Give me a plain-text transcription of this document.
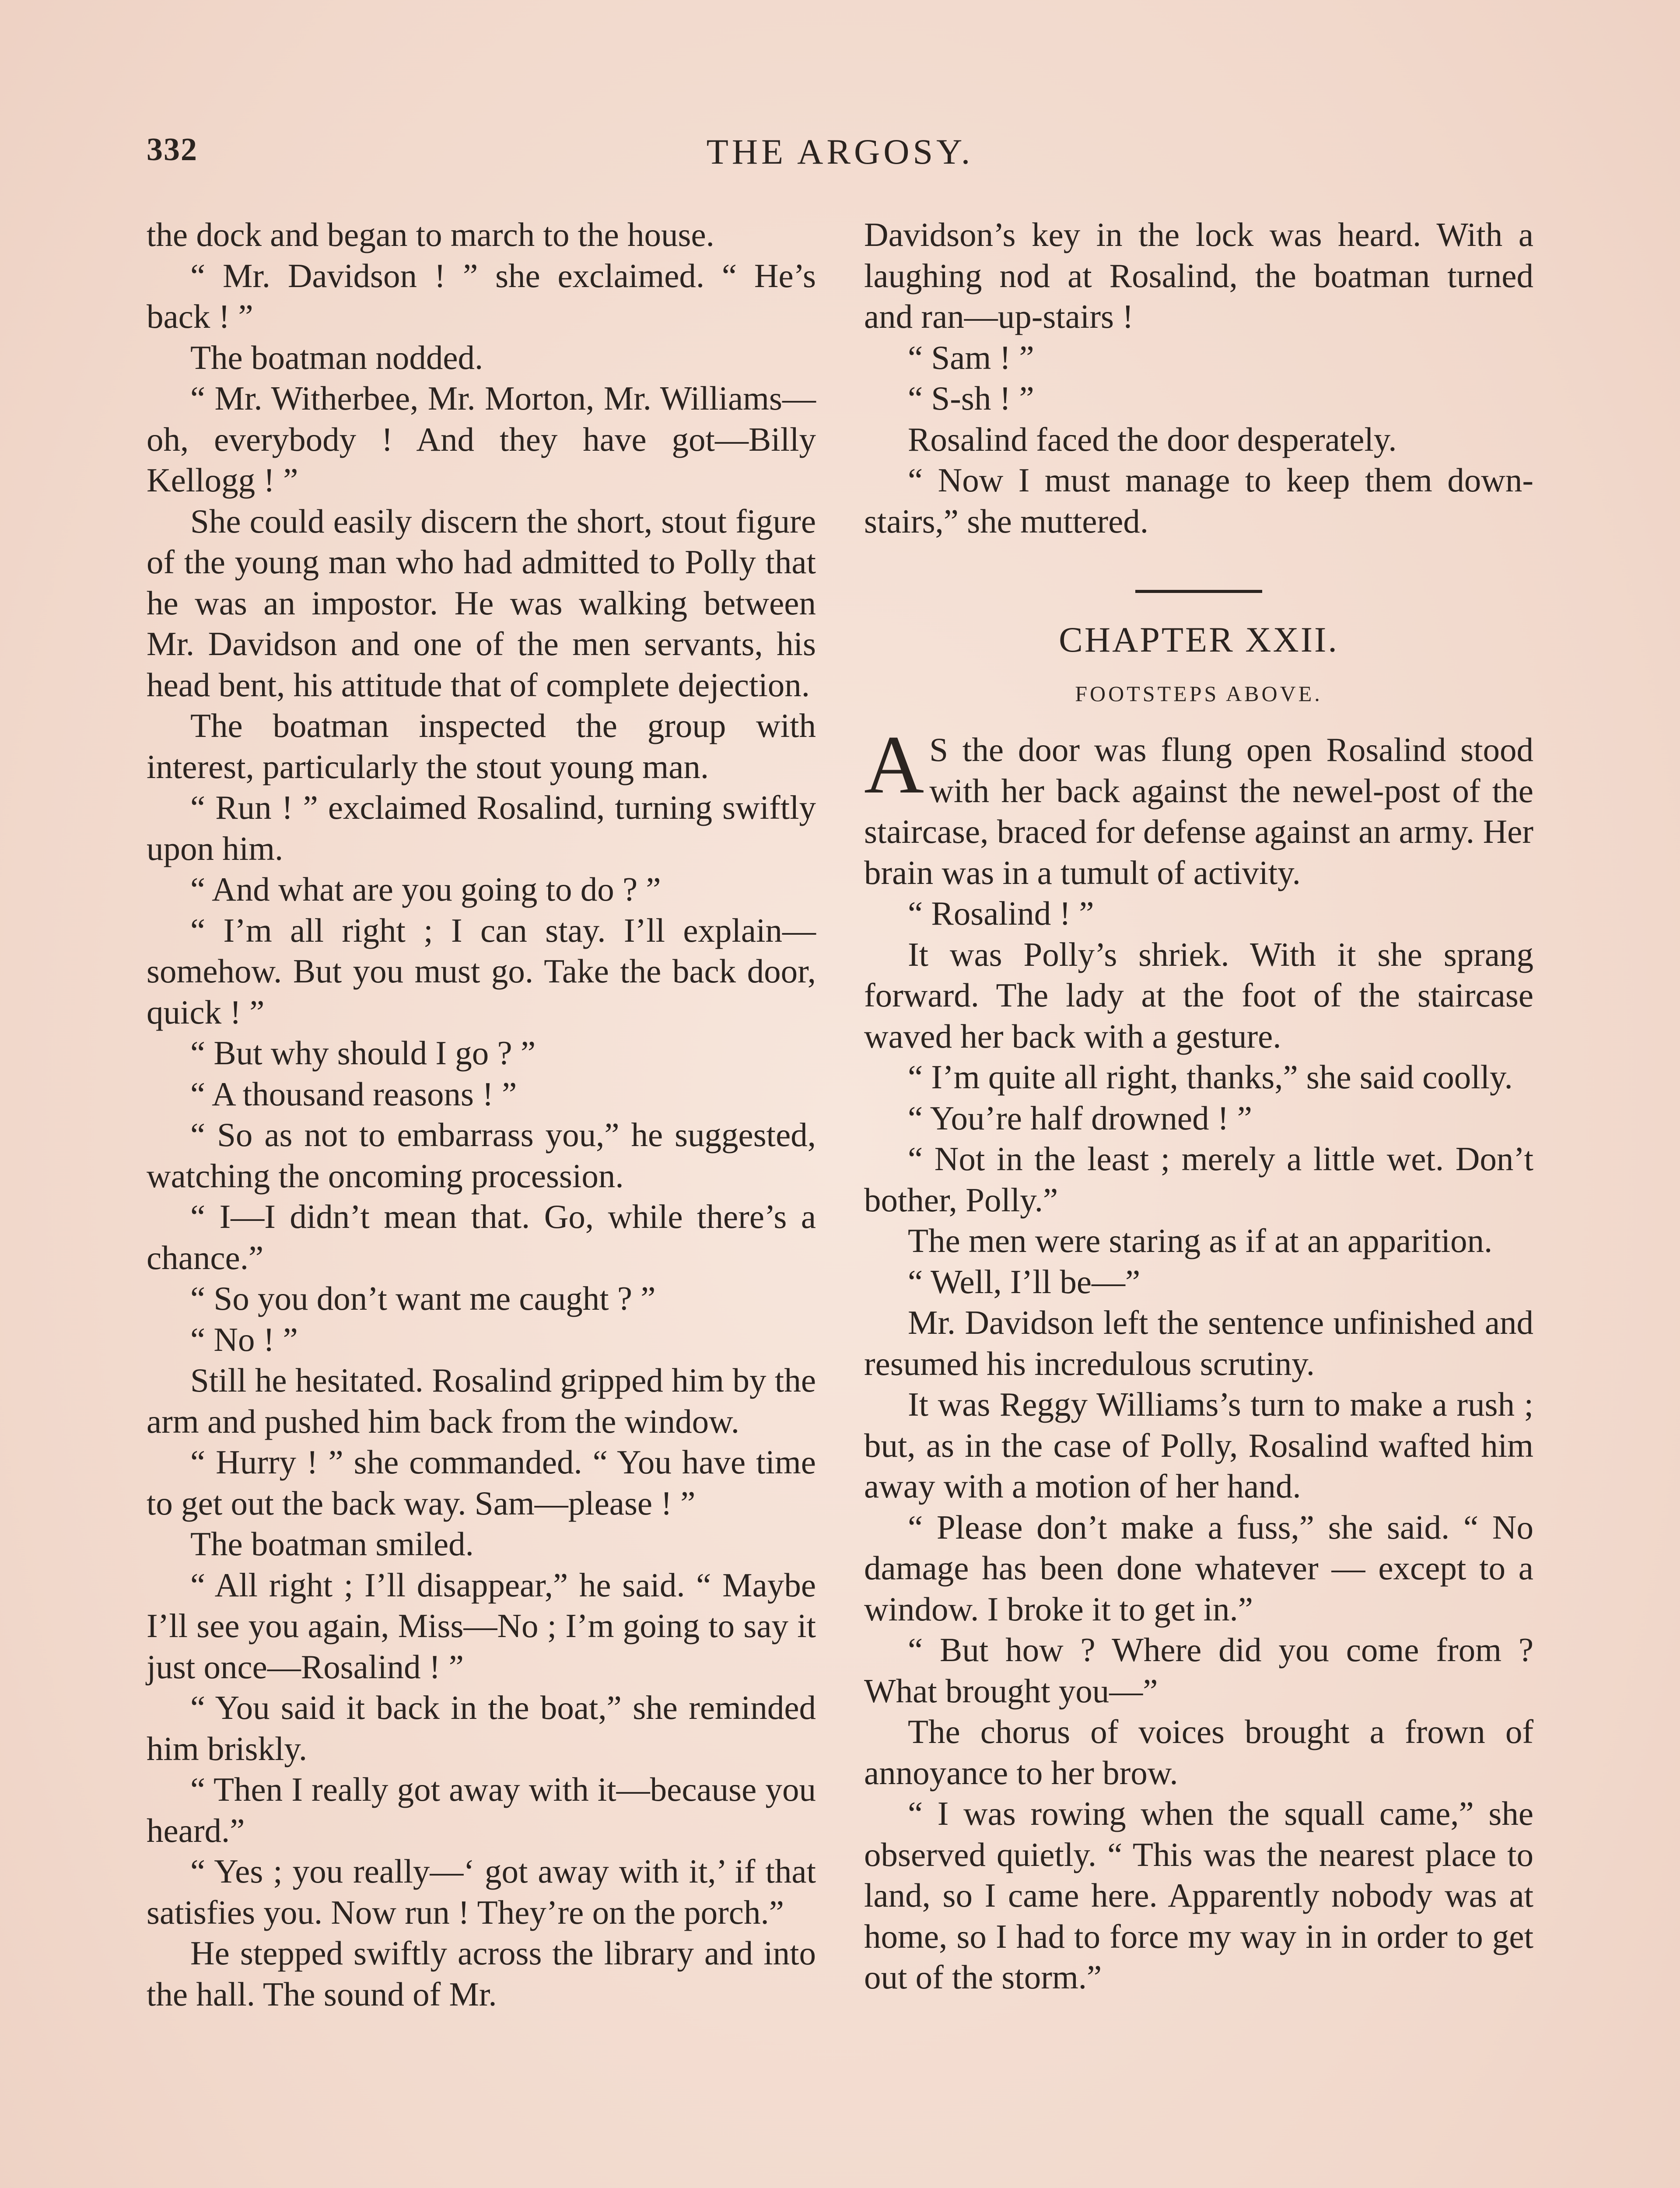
332	THE ARGOSY.

the dock and began to march to the house.

“ Mr. Davidson ! ” she exclaimed. “ He’s back ! ”

The boatman nodded.

“ Mr. Witherbee, Mr. Morton, Mr. Williams—oh, everybody ! And they have got—Billy Kellogg ! ”

She could easily discern the short, stout figure of the young man who had admitted to Polly that he was an impostor. He was walking between Mr. Davidson and one of the men servants, his head bent, his attitude that of complete dejection.

The boatman inspected the group with interest, particularly the stout young man.

“ Run ! ” exclaimed Rosalind, turning swiftly upon him.

“ And what are you going to do ? ”

“ I’m all right ; I can stay. I’ll explain—somehow. But you must go. Take the back door, quick ! ”

“ But why should I go ? ”

“ A thousand reasons ! ”

“ So as not to embarrass you,” he suggested, watching the oncoming procession.

“ I—I didn’t mean that. Go, while there’s a chance.”

“ So you don’t want me caught ? ”

“ No ! ”

Still he hesitated. Rosalind gripped him by the arm and pushed him back from the window.

“ Hurry ! ” she commanded. “ You have time to get out the back way. Sam—please ! ”

The boatman smiled.

“ All right ; I’ll disappear,” he said. “ Maybe I’ll see you again, Miss—No ; I’m going to say it just once—Rosalind ! ”

“ You said it back in the boat,” she reminded him briskly.

“ Then I really got away with it—because you heard.”

“ Yes ; you really—‘ got away with it,’ if that satisfies you. Now run ! They’re on the porch.”

He stepped swiftly across the library and into the hall. The sound of Mr.

Davidson’s key in the lock was heard. With a laughing nod at Rosalind, the boatman turned and ran—up-stairs !

“ Sam ! ”

“ S-sh ! ”

Rosalind faced the door desperately.

“ Now I must manage to keep them down-stairs,” she muttered.

CHAPTER XXII.
FOOTSTEPS ABOVE.

A S the door was flung open Rosalind stood with her back against the newel-post of the staircase, braced for defense against an army. Her brain was in a tumult of activity.

“ Rosalind ! ”

It was Polly’s shriek. With it she sprang forward. The lady at the foot of the staircase waved her back with a gesture.

“ I’m quite all right, thanks,” she said coolly.

“ You’re half drowned ! ”

“ Not in the least ; merely a little wet. Don’t bother, Polly.”

The men were staring as if at an apparition.

“ Well, I’ll be—”

Mr. Davidson left the sentence unfinished and resumed his incredulous scrutiny.

It was Reggy Williams’s turn to make a rush ; but, as in the case of Polly, Rosalind wafted him away with a motion of her hand.

“ Please don’t make a fuss,” she said. “ No damage has been done whatever — except to a window. I broke it to get in.”

“ But how ? Where did you come from ? What brought you—”

The chorus of voices brought a frown of annoyance to her brow.

“ I was rowing when the squall came,” she observed quietly. “ This was the nearest place to land, so I came here. Apparently nobody was at home, so I had to force my way in in order to get out of the storm.”
